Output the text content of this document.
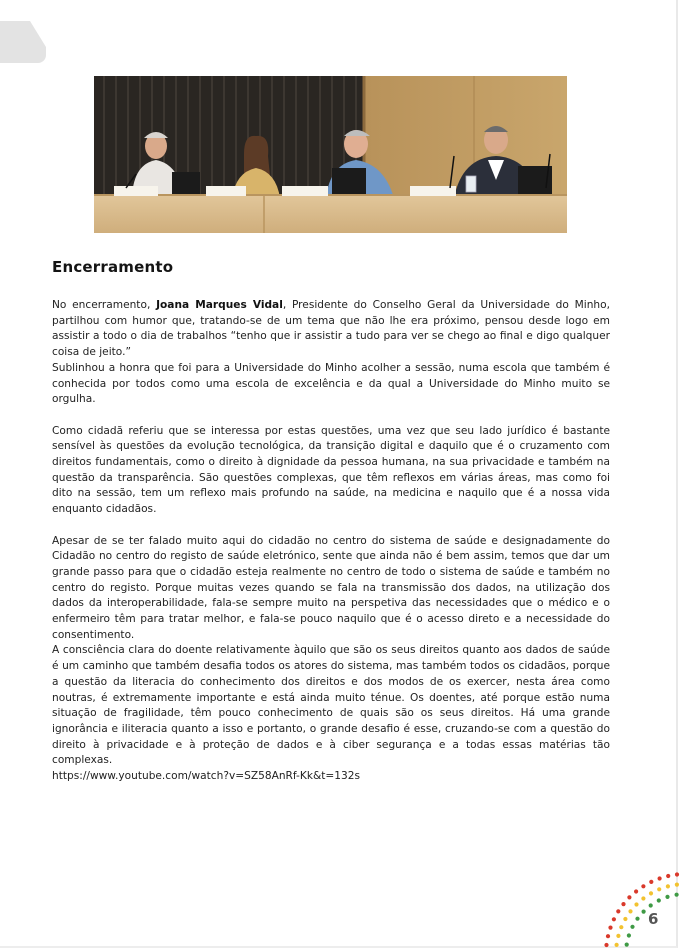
Encerramento

No encerramento, Joana Marques Vidal, Presidente do Conselho Geral da Universidade do Minho, partilhou com humor que, tratando-se de um tema que não lhe era próximo, pensou desde logo em assistir a todo o dia de trabalhos “tenho que ir assistir a tudo para ver se chego ao final e digo qualquer coisa de jeito.”

Sublinhou a honra que foi para a Universidade do Minho acolher a sessão, numa escola que também é conhecida por todos como uma escola de excelência e da qual a Universidade do Minho muito se orgulha.

Como cidadã referiu que se interessa por estas questões, uma vez que seu lado jurídico é bastante sensível às questões da evolução tecnológica, da transição digital e daquilo que é o cruzamento com direitos fundamentais, como o direito à dignidade da pessoa humana, na sua privacidade e também na questão da transparência. São questões complexas, que têm reflexos em várias áreas, mas como foi dito na sessão, tem um reflexo mais profundo na saúde, na medicina e naquilo que é a nossa vida enquanto cidadãos.

Apesar de se ter falado muito aqui do cidadão no centro do sistema de saúde e designadamente do Cidadão no centro do registo de saúde eletrónico, sente que ainda não é bem assim, temos que dar um grande passo para que o cidadão esteja realmente no centro de todo o sistema de saúde e também no centro do registo. Porque muitas vezes quando se fala na transmissão dos dados, na utilização dos dados da interoperabilidade, fala-se sempre muito na perspetiva das necessidades que o médico e o enfermeiro têm para tratar melhor, e fala-se pouco naquilo que é o acesso direto e a necessidade do consentimento.

A consciência clara do doente relativamente àquilo que são os seus direitos quanto aos dados de saúde é um caminho que também desafia todos os atores do sistema, mas também todos os cidadãos, porque a questão da literacia do conhecimento dos direitos e dos modos de os exercer, nesta área como noutras, é extremamente importante e está ainda muito ténue. Os doentes, até porque estão numa situação de fragilidade, têm pouco conhecimento de quais são os seus direitos. Há uma grande ignorância e iliteracia quanto a isso e portanto, o grande desafio é esse, cruzando-se com a questão do direito à privacidade e à proteção de dados e à ciber segurança e a todas essas matérias tão complexas.

https://www.youtube.com/watch?v=SZ58AnRf-Kk&t=132s

6
